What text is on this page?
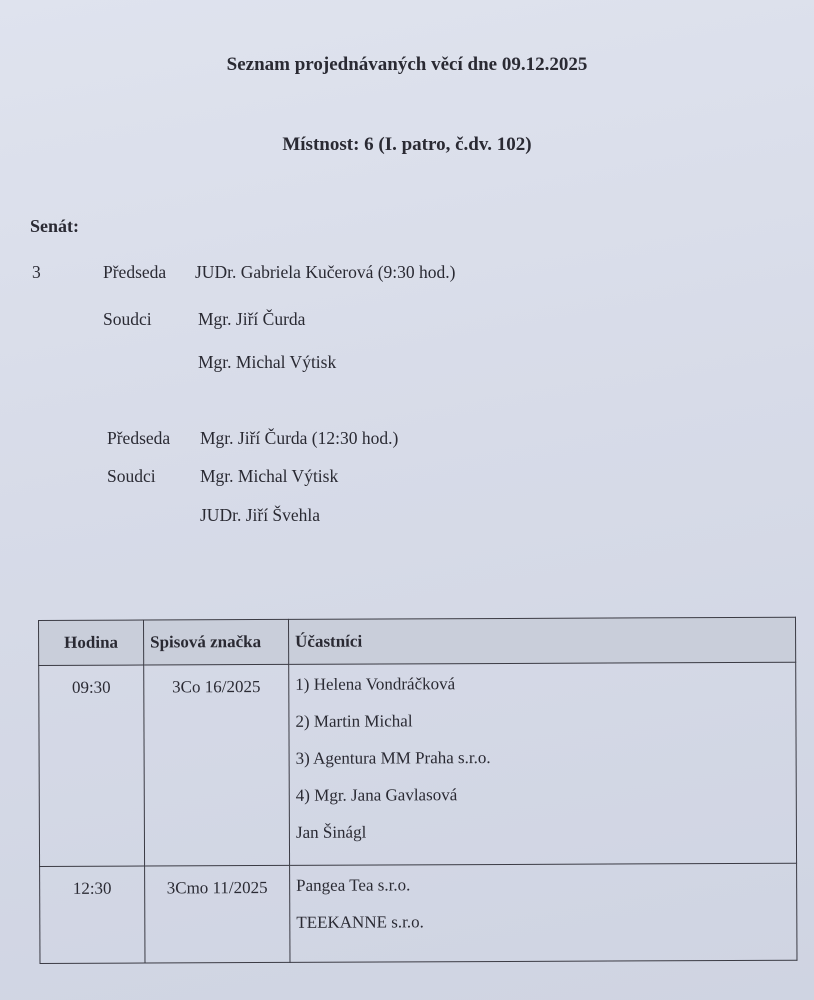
Seznam projednávaných věcí dne 09.12.2025
Místnost: 6 (I. patro, č.dv. 102)
Senát:
3	Předseda JUDr. Gabriela Kučerová (9:30 hod.)
Soudci	Mgr. Jiří Čurda
Mgr. Michal Výtisk
Předseda Mgr. Jiří Čurda (12:30 hod.)
Soudci	Mgr. Michal Výtisk
JUDr. Jiří Švehla
Hodina	Spisová značka	Účastníci
09:30	3Co 16/2025	1) Helena Vondráčková
2) Martin Michal
3) Agentura MM Praha s.r.o.
4) Mgr. Jana Gavlasová
Jan Šinágl

12:30	3Cmo 11/2025	Pangea Tea s.r.o.
TEEKANNE s.r.o.
